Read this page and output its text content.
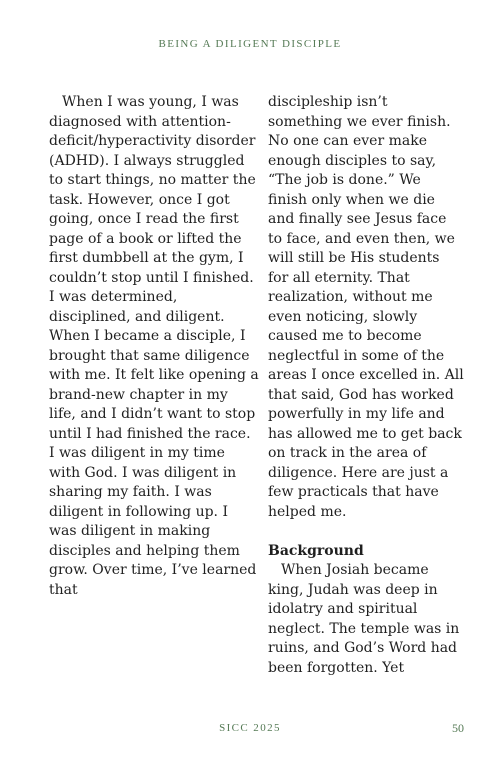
BEING A DILIGENT DISCIPLE

When I was young, I was diagnosed with attention-deficit/hyperactivity disorder (ADHD). I always struggled to start things, no matter the task. However, once I got going, once I read the first page of a book or lifted the first dumbbell at the gym, I couldn’t stop until I finished. I was determined, disciplined, and diligent. When I became a disciple, I brought that same diligence with me. It felt like opening a brand-new chapter in my life, and I didn’t want to stop until I had finished the race. I was diligent in my time with God. I was diligent in sharing my faith. I was diligent in following up. I was diligent in making disciples and helping them grow. Over time, I’ve learned that

discipleship isn’t something we ever finish. No one can ever make enough disciples to say, “The job is done.” We finish only when we die and finally see Jesus face to face, and even then, we will still be His students for all eternity. That realization, without me even noticing, slowly caused me to become neglectful in some of the areas I once excelled in. All that said, God has worked powerfully in my life and has allowed me to get back on track in the area of diligence. Here are just a few practicals that have helped me.

Background

When Josiah became king, Judah was deep in idolatry and spiritual neglect. The temple was in ruins, and God’s Word had been forgotten. Yet

SICC 2025	50
